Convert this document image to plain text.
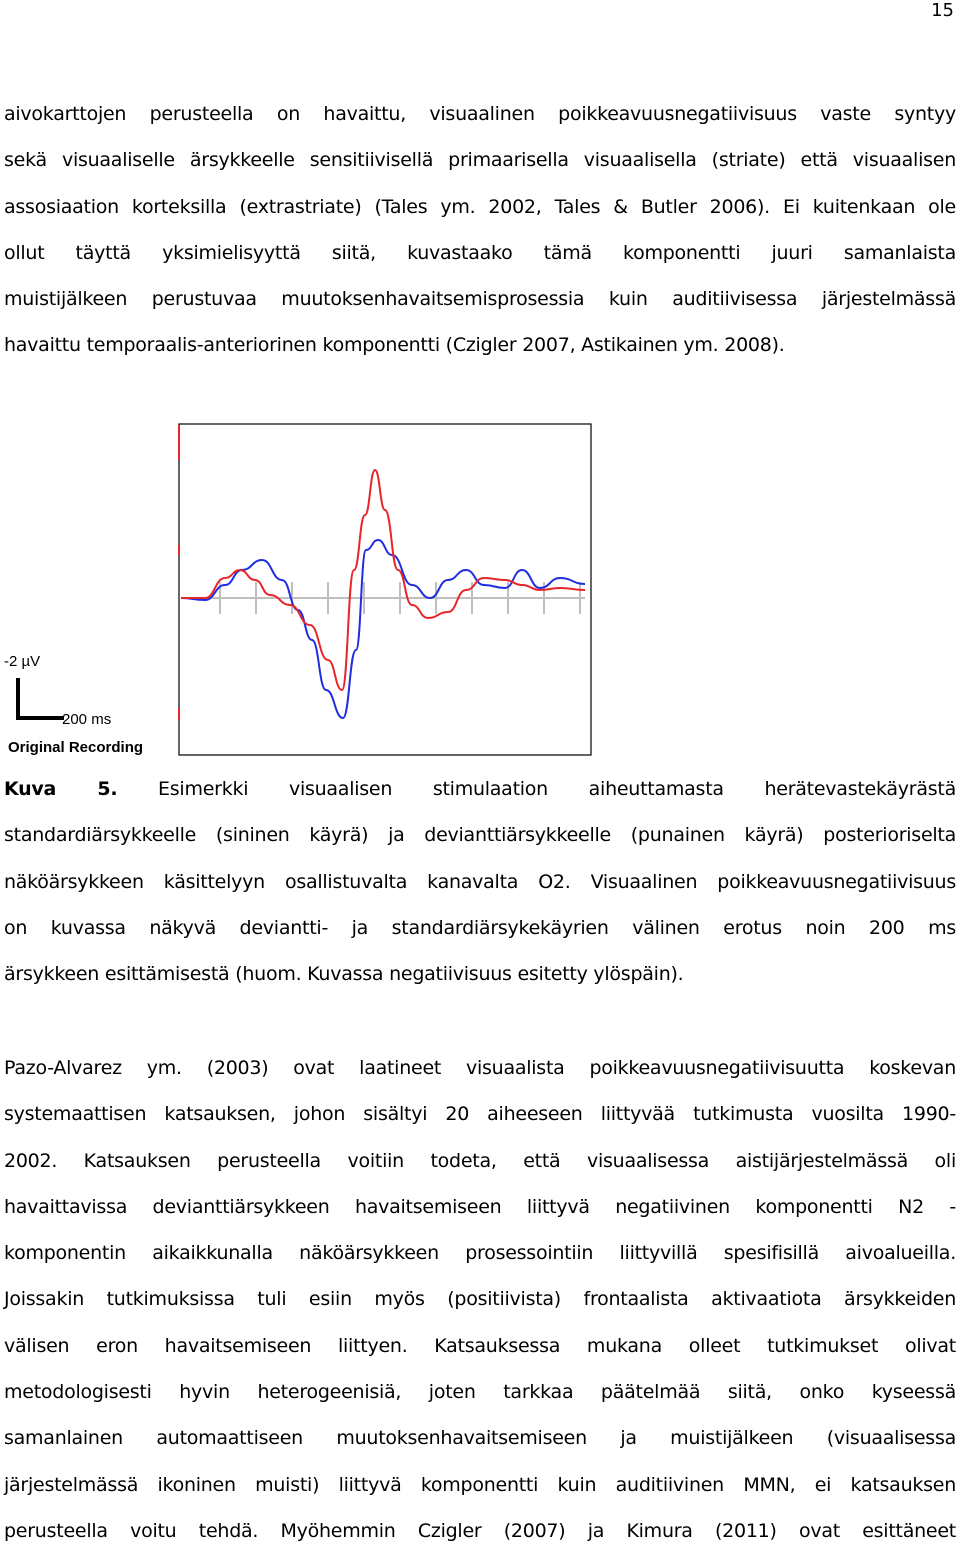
15
aivokarttojen perusteella on havaittu, visuaalinen poikkeavuusnegatiivisuus vaste syntyy
sekä visuaaliselle ärsykkeelle sensitiivisellä primaarisella visuaalisella (striate) että visuaalisen
assosiaation korteksilla (extrastriate) (Tales ym. 2002, Tales & Butler 2006). Ei kuitenkaan ole
ollut täyttä yksimielisyyttä siitä, kuvastaako tämä komponentti juuri samanlaista
muistijälkeen perustuvaa muutoksenhavaitsemisprosessia kuin auditiivisessa järjestelmässä
havaittu temporaalis-anteriorinen komponentti (Czigler 2007, Astikainen ym. 2008).
-2 µV
200 ms
Original Recording
Kuva 5. Esimerkki visuaalisen stimulaation aiheuttamasta herätevastekäyrästä
standardiärsykkeelle (sininen käyrä) ja devianttiärsykkeelle (punainen käyrä) posterioriselta
näköärsykkeen käsittelyyn osallistuvalta kanavalta O2. Visuaalinen poikkeavuusnegatiivisuus
on kuvassa näkyvä deviantti- ja standardiärsykekäyrien välinen erotus noin 200 ms
ärsykkeen esittämisestä (huom. Kuvassa negatiivisuus esitetty ylöspäin).
Pazo-Alvarez ym. (2003) ovat laatineet visuaalista poikkeavuusnegatiivisuutta koskevan
systemaattisen katsauksen, johon sisältyi 20 aiheeseen liittyvää tutkimusta vuosilta 1990-
2002. Katsauksen perusteella voitiin todeta, että visuaalisessa aistijärjestelmässä oli
havaittavissa devianttiärsykkeen havaitsemiseen liittyvä negatiivinen komponentti N2 -
komponentin aikaikkunalla näköärsykkeen prosessointiin liittyvillä spesifisillä aivoalueilla.
Joissakin tutkimuksissa tuli esiin myös (positiivista) frontaalista aktivaatiota ärsykkeiden
välisen eron havaitsemiseen liittyen. Katsauksessa mukana olleet tutkimukset olivat
metodologisesti hyvin heterogeenisiä, joten tarkkaa päätelmää siitä, onko kyseessä
samanlainen automaattiseen muutoksenhavaitsemiseen ja muistijälkeen (visuaalisessa
järjestelmässä ikoninen muisti) liittyvä komponentti kuin auditiivinen MMN, ei katsauksen
perusteella voitu tehdä. Myöhemmin Czigler (2007) ja Kimura (2011) ovat esittäneet
